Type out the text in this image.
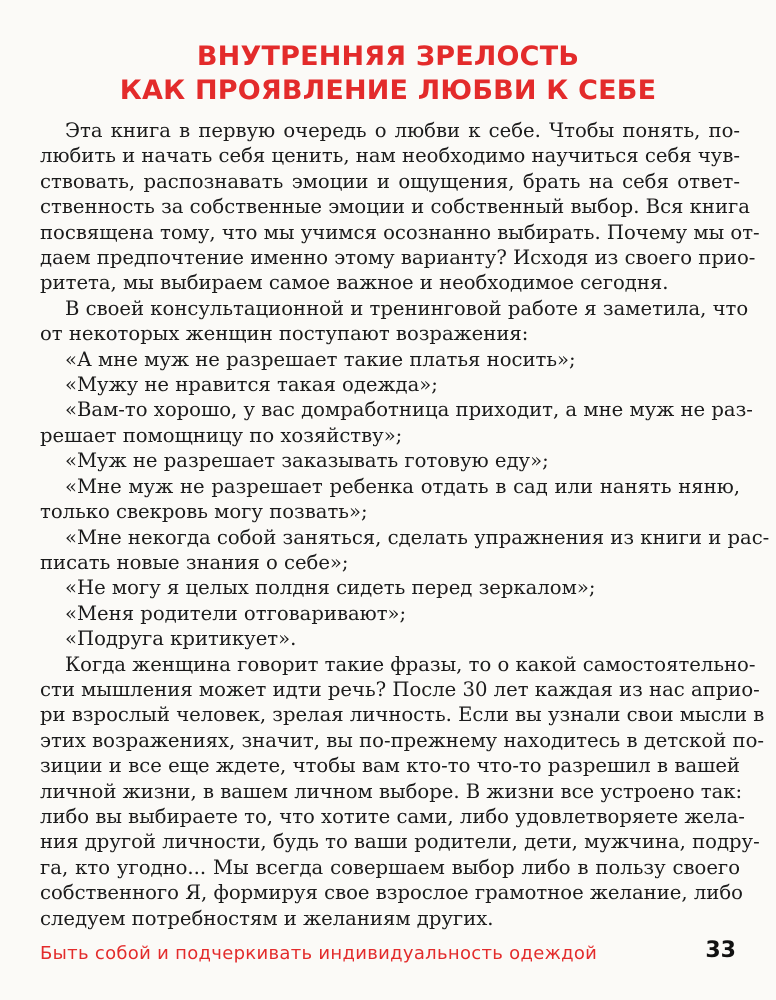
ВНУТРЕННЯЯ ЗРЕЛОСТЬ
КАК ПРОЯВЛЕНИЕ ЛЮБВИ К СЕБЕ
Эта книга в первую очередь о любви к себе. Чтобы понять, по-
любить и начать себя ценить, нам необходимо научиться себя чув-
ствовать, распознавать эмоции и ощущения, брать на себя ответ-
ственность за собственные эмоции и собственный выбор. Вся книга
посвящена тому, что мы учимся осознанно выбирать. Почему мы от-
даем предпочтение именно этому варианту? Исходя из своего прио-
ритета, мы выбираем самое важное и необходимое сегодня.
В своей консультационной и тренинговой работе я заметила, что
от некоторых женщин поступают возражения:
«А мне муж не разрешает такие платья носить»;
«Мужу не нравится такая одежда»;
«Вам-то хорошо, у вас домработница приходит, а мне муж не раз-
решает помощницу по хозяйству»;
«Муж не разрешает заказывать готовую еду»;
«Мне муж не разрешает ребенка отдать в сад или нанять няню,
только свекровь могу позвать»;
«Мне некогда собой заняться, сделать упражнения из книги и рас-
писать новые знания о себе»;
«Не могу я целых полдня сидеть перед зеркалом»;
«Меня родители отговаривают»;
«Подруга критикует».
Когда женщина говорит такие фразы, то о какой самостоятельно-
сти мышления может идти речь? После 30 лет каждая из нас априо-
ри взрослый человек, зрелая личность. Если вы узнали свои мысли в
этих возражениях, значит, вы по-прежнему находитесь в детской по-
зиции и все еще ждете, чтобы вам кто-то что-то разрешил в вашей
личной жизни, в вашем личном выборе. В жизни все устроено так:
либо вы выбираете то, что хотите сами, либо удовлетворяете жела-
ния другой личности, будь то ваши родители, дети, мужчина, подру-
га, кто угодно... Мы всегда совершаем выбор либо в пользу своего
собственного Я, формируя свое взрослое грамотное желание, либо
следуем потребностям и желаниям других.
Быть собой и подчеркивать индивидуальность одеждой	33
